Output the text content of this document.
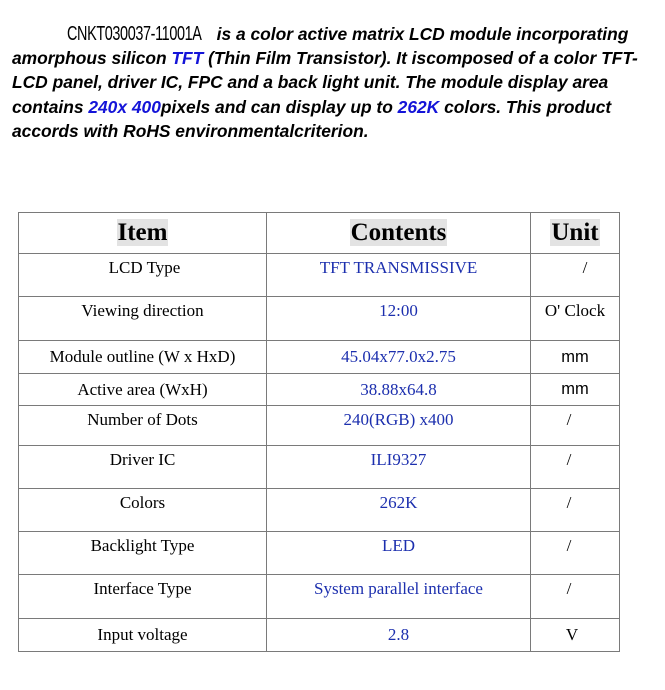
CNKT030037-11001A is a color active matrix LCD module incorporating amorphous silicon TFT (Thin Film Transistor). It iscomposed of a color TFT-LCD panel, driver IC, FPC and a back light unit. The module display area contains 240x 400pixels and can display up to 262K colors. This product accords with RoHS environmentalcriterion.
Item	Contents	Unit
LCD Type	TFT TRANSMISSIVE	/
Viewing direction	12:00	O' Clock
Module outline (W x HxD)	45.04x77.0x2.75	mm
Active area (WxH)	38.88x64.8	mm
Number of Dots	240(RGB) x400	/
Driver IC	ILI9327	/
Colors	262K	/
Backlight Type	LED	/
Interface Type	System parallel interface	/
Input voltage	2.8	V
